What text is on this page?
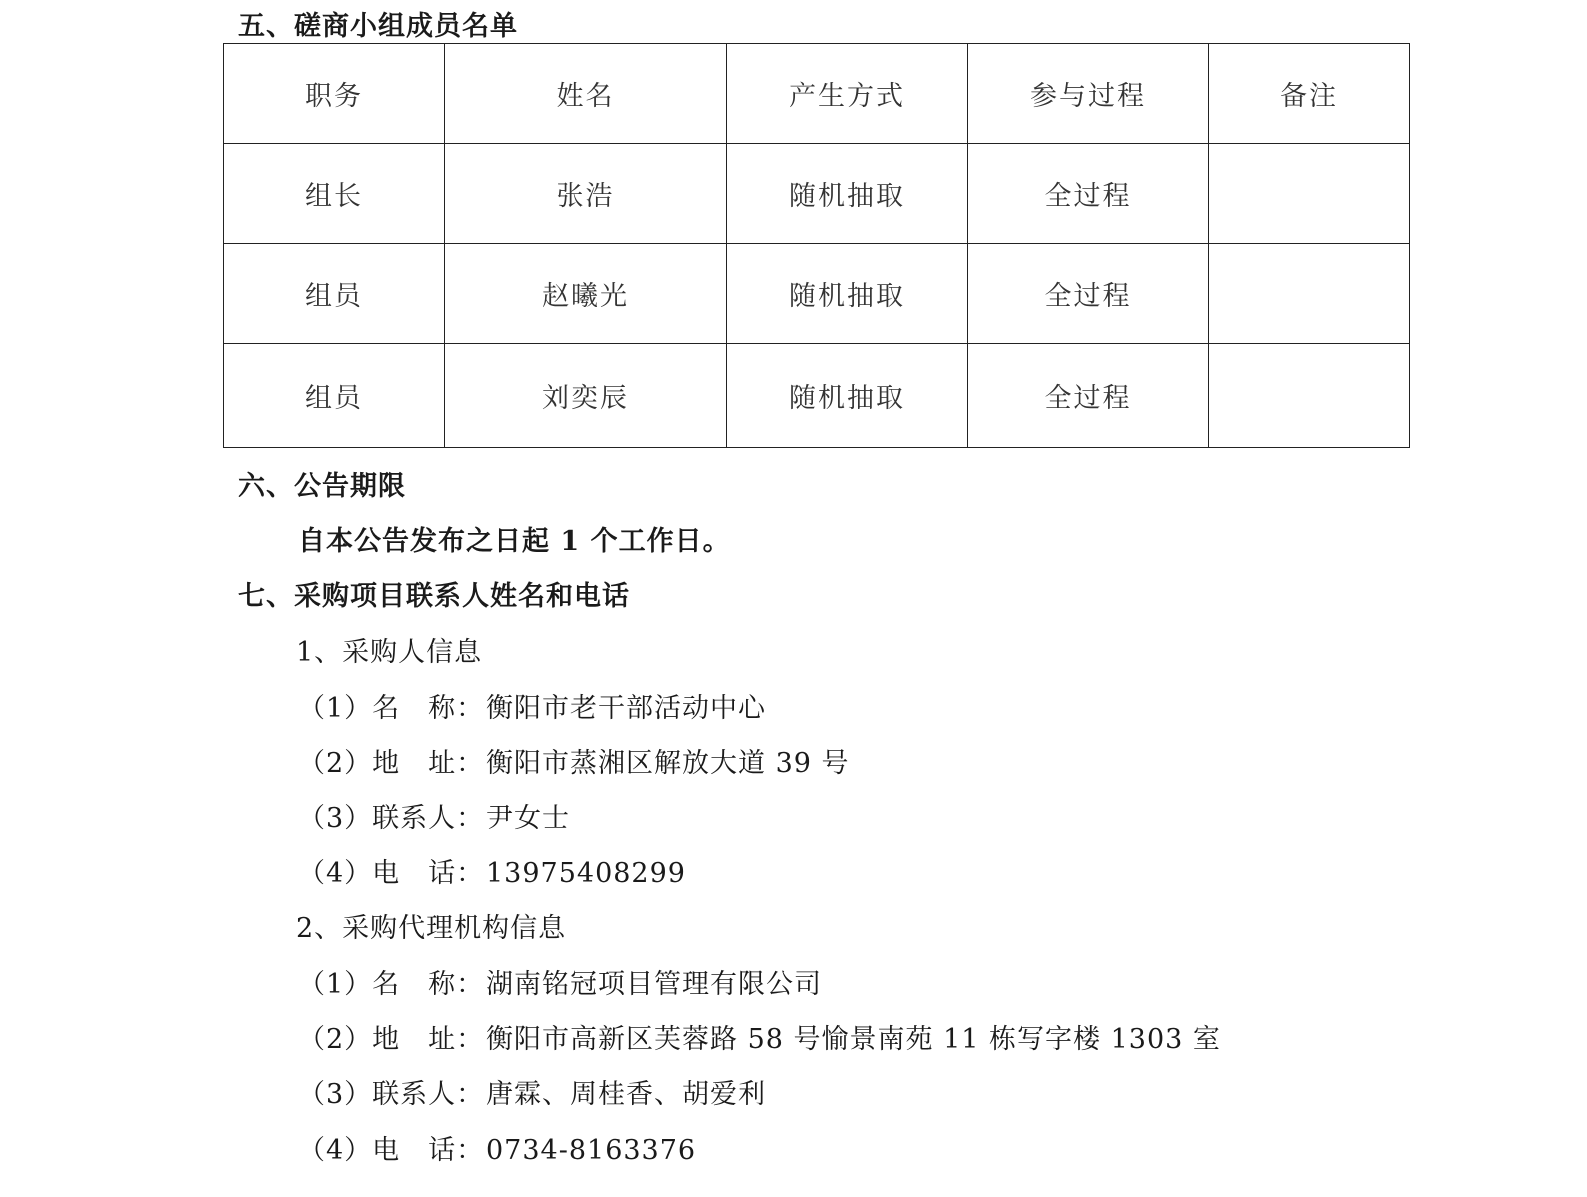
五、磋商小组成员名单
职务	姓名	产生方式	参与过程	备注
组长	张浩	随机抽取	全过程	
组员	赵曦光	随机抽取	全过程	
组员	刘奕辰	随机抽取	全过程	
六、公告期限
自本公告发布之日起 1 个工作日。
七、采购项目联系人姓名和电话
1、采购人信息
（1）名　称：衡阳市老干部活动中心
（2）地　址：衡阳市蒸湘区解放大道 39 号
（3）联系人：尹女士
（4）电　话：13975408299
2、采购代理机构信息
（1）名　称：湖南铭冠项目管理有限公司
（2）地　址：衡阳市高新区芙蓉路 58 号愉景南苑 11 栋写字楼 1303 室
（3）联系人：唐霖、周桂香、胡爱利
（4）电　话：0734-8163376
